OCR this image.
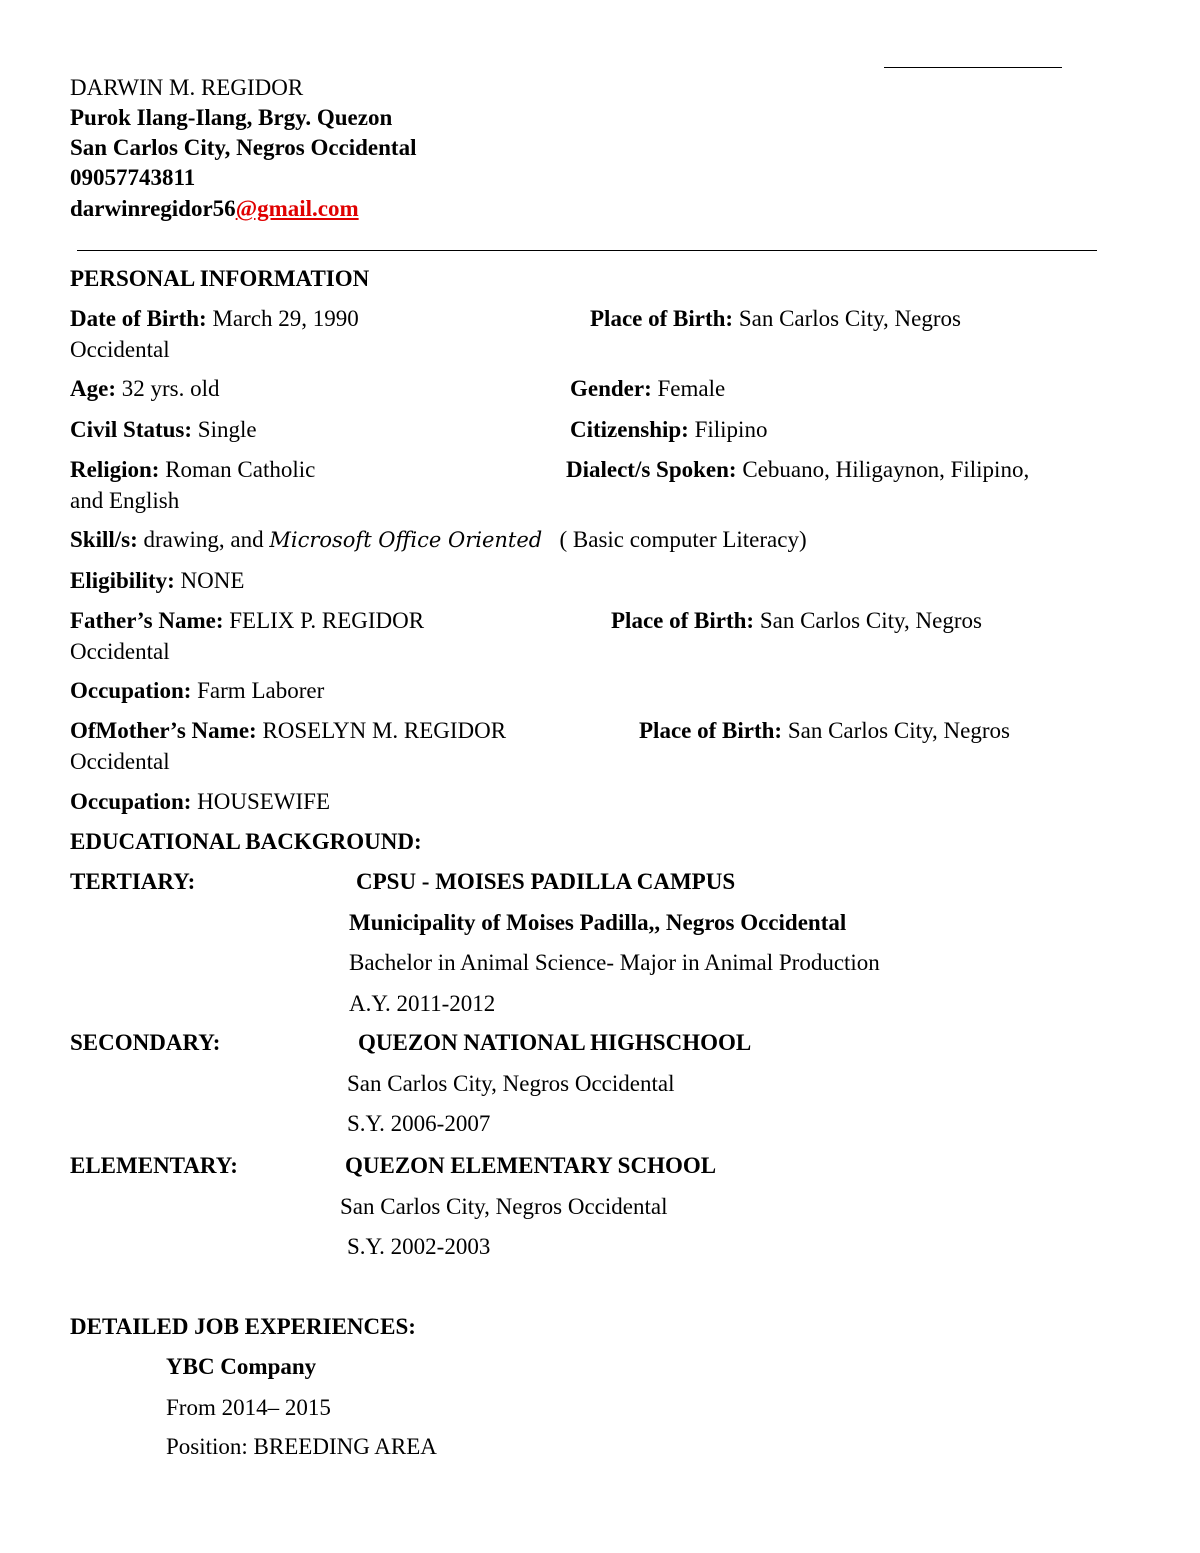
DARWIN M. REGIDOR
Purok Ilang-Ilang, Brgy. Quezon
San Carlos City, Negros Occidental
09057743811
darwinregidor56@gmail.com
PERSONAL INFORMATION
Date of Birth: March 29, 1990	Place of Birth: San Carlos City, Negros
Occidental
Age: 32 yrs. old	Gender: Female
Civil Status: Single	Citizenship: Filipino
Religion: Roman Catholic	Dialect/s Spoken: Cebuano, Hiligaynon, Filipino,
and English
Skill/s: drawing, and Microsoft Office Oriented   ( Basic computer Literacy)
Eligibility: NONE
Father’s Name: FELIX P. REGIDOR	Place of Birth: San Carlos City, Negros
Occidental
Occupation: Farm Laborer
OfMother’s Name: ROSELYN M. REGIDOR	Place of Birth: San Carlos City, Negros
Occidental
Occupation: HOUSEWIFE
EDUCATIONAL BACKGROUND:
TERTIARY:	CPSU - MOISES PADILLA CAMPUS
Municipality of Moises Padilla,, Negros Occidental
Bachelor in Animal Science- Major in Animal Production
A.Y. 2011-2012
SECONDARY:	QUEZON NATIONAL HIGHSCHOOL
San Carlos City, Negros Occidental
S.Y. 2006-2007
ELEMENTARY:	QUEZON ELEMENTARY SCHOOL
San Carlos City, Negros Occidental
S.Y. 2002-2003
DETAILED JOB EXPERIENCES:
YBC Company
From 2014– 2015
Position: BREEDING AREA
